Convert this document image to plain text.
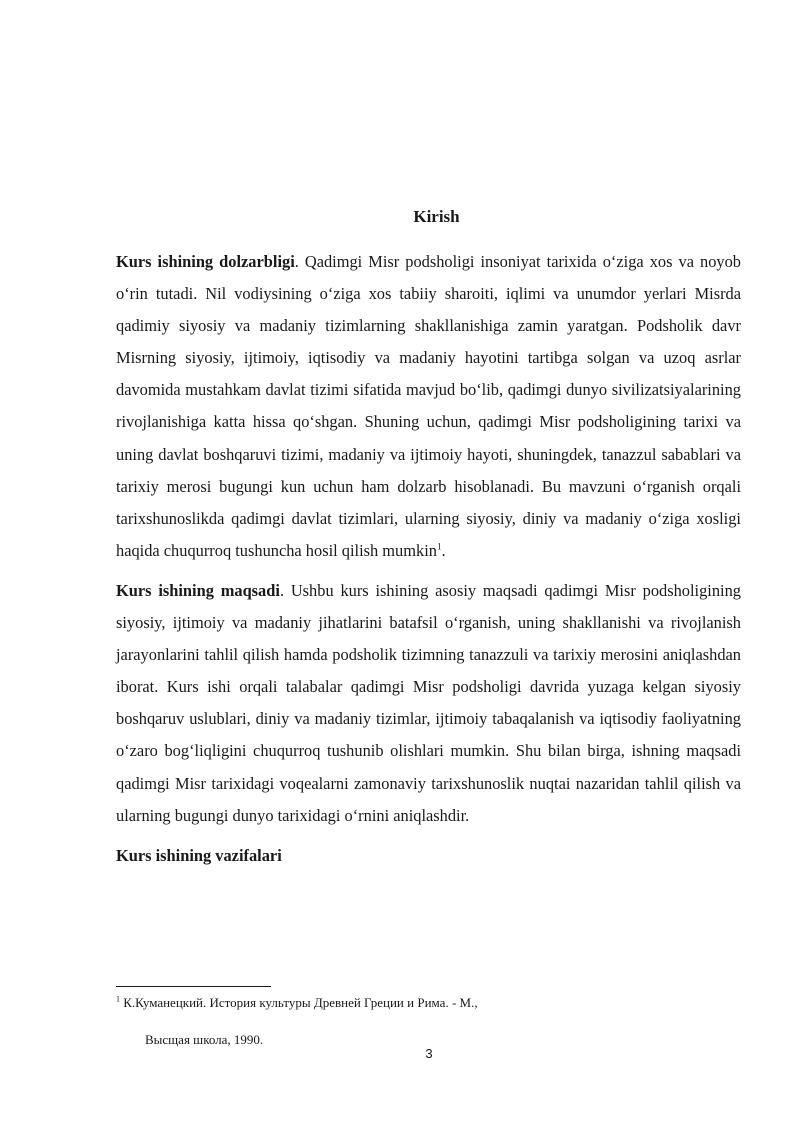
Kirish

Kurs ishining dolzarbligi. Qadimgi Misr podsholigi insoniyat tarixida o‘ziga xos va noyob o‘rin tutadi. Nil vodiysining o‘ziga xos tabiiy sharoiti, iqlimi va unumdor yerlari Misrda qadimiy siyosiy va madaniy tizimlarning shakllanishiga zamin yaratgan. Podsholik davr Misrning siyosiy, ijtimoiy, iqtisodiy va madaniy hayotini tartibga solgan va uzoq asrlar davomida mustahkam davlat tizimi sifatida mavjud bo‘lib, qadimgi dunyo sivilizatsiyalarining rivojlanishiga katta hissa qo‘shgan. Shuning uchun, qadimgi Misr podsholigining tarixi va uning davlat boshqaruvi tizimi, madaniy va ijtimoiy hayoti, shuningdek, tanazzul sabablari va tarixiy merosi bugungi kun uchun ham dolzarb hisoblanadi. Bu mavzuni o‘rganish orqali tarixshunoslikda qadimgi davlat tizimlari, ularning siyosiy, diniy va madaniy o‘ziga xosligi haqida chuqurroq tushuncha hosil qilish mumkin$^1$.

Kurs ishining maqsadi. Ushbu kurs ishining asosiy maqsadi qadimgi Misr podsholigining siyosiy, ijtimoiy va madaniy jihatlarini batafsil o‘rganish, uning shakllanishi va rivojlanish jarayonlarini tahlil qilish hamda podsholik tizimning tanazzuli va tarixiy merosini aniqlashdan iborat. Kurs ishi orqali talabalar qadimgi Misr podsholigi davrida yuzaga kelgan siyosiy boshqaruv uslublari, diniy va madaniy tizimlar, ijtimoiy tabaqalanish va iqtisodiy faoliyatning o‘zaro bog‘liqligini chuqurroq tushunib olishlari mumkin. Shu bilan birga, ishning maqsadi qadimgi Misr tarixidagi voqealarni zamonaviy tarixshunoslik nuqtai nazaridan tahlil qilish va ularning bugungi dunyo tarixidagi o‘rnini aniqlashdir.

Kurs ishining vazifalari

$^1$ К.Куманецкий. История культуры Древней Греции и Рима. - М.,
Высщая школа, 1990.
3
